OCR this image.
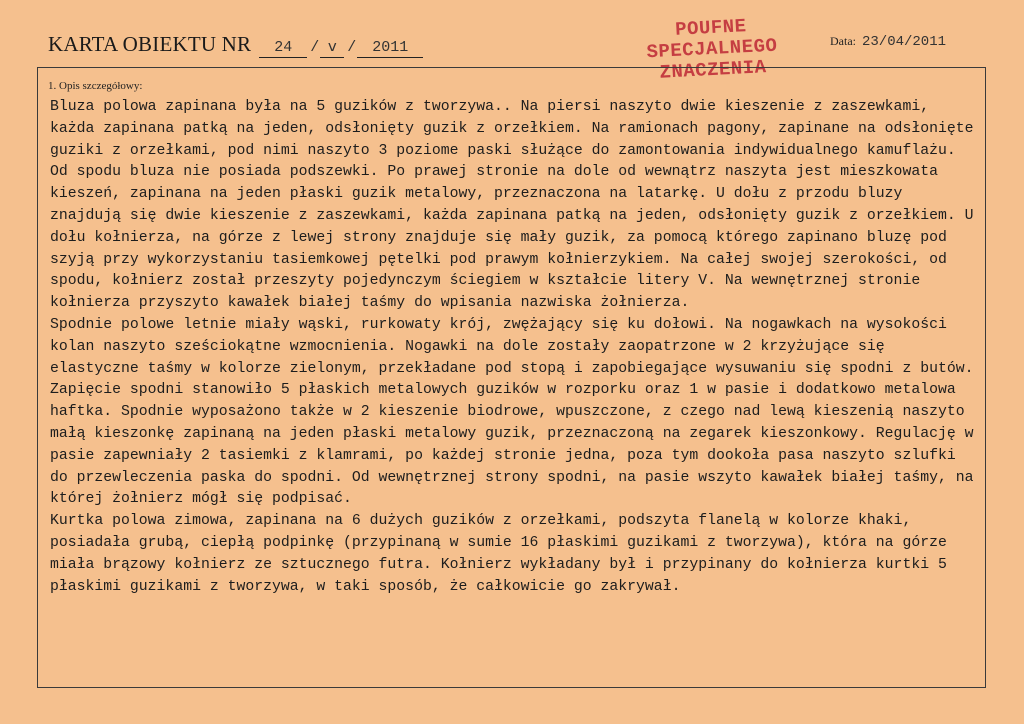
KARTA OBIEKTU NR	24	/ ⅴ /	2011
POUFNE
SPECJALNEGO
ZNACZENIA
Data: 23/04/2011
1. Opis szczegółowy:

Bluza polowa zapinana była na 5 guzików z tworzywa.. Na piersi naszyto dwie kieszenie z zaszewkami, każda zapinana patką na jeden, odsłonięty guzik z orzełkiem. Na ramionach pagony, zapinane na odsłonięte guziki z orzełkami, pod nimi naszyto 3 poziome paski służące do zamontowania indywidualnego kamuflażu. Od spodu bluza nie posiada podszewki. Po prawej stronie na dole od wewnątrz naszyta jest mieszkowata kieszeń, zapinana na jeden płaski guzik metalowy, przeznaczona na latarkę. U dołu z przodu bluzy znajdują się dwie kieszenie z zaszewkami, każda zapinana patką na jeden, odsłonięty guzik z orzełkiem. U dołu kołnierza, na górze z lewej strony znajduje się mały guzik, za pomocą którego zapinano bluzę pod szyją przy wykorzystaniu tasiemkowej pętelki pod prawym kołnierzykiem. Na całej swojej szerokości, od spodu, kołnierz został przeszyty pojedynczym ściegiem w kształcie litery V. Na wewnętrznej stronie kołnierza przyszyto kawałek białej taśmy do wpisania nazwiska żołnierza.

Spodnie polowe letnie miały wąski, rurkowaty krój, zwężający się ku dołowi. Na nogawkach na wysokości kolan naszyto sześciokątne wzmocnienia. Nogawki na dole zostały zaopatrzone w 2 krzyżujące się elastyczne taśmy w kolorze zielonym, przekładane pod stopą i zapobiegające wysuwaniu się spodni z butów. Zapięcie spodni stanowiło 5 płaskich metalowych guzików w rozporku oraz 1 w pasie i dodatkowo metalowa haftka. Spodnie wyposażono także w 2 kieszenie biodrowe, wpuszczone, z czego nad lewą kieszenią naszyto małą kieszonkę zapinaną na jeden płaski metalowy guzik, przeznaczoną na zegarek kieszonkowy. Regulację w pasie zapewniały 2 tasiemki z klamrami, po każdej stronie jedna, poza tym dookoła pasa naszyto szlufki do przewleczenia paska do spodni. Od wewnętrznej strony spodni, na pasie wszyto kawałek białej taśmy, na której żołnierz mógł się podpisać.

Kurtka polowa zimowa, zapinana na 6 dużych guzików z orzełkami, podszyta flanelą w kolorze khaki, posiadała grubą, ciepłą podpinkę (przypinaną w sumie 16 płaskimi guzikami z tworzywa), która na górze miała brązowy kołnierz ze sztucznego futra. Kołnierz wykładany był i przypinany do kołnierza kurtki 5 płaskimi guzikami z tworzywa, w taki sposób, że całkowicie go zakrywał.
